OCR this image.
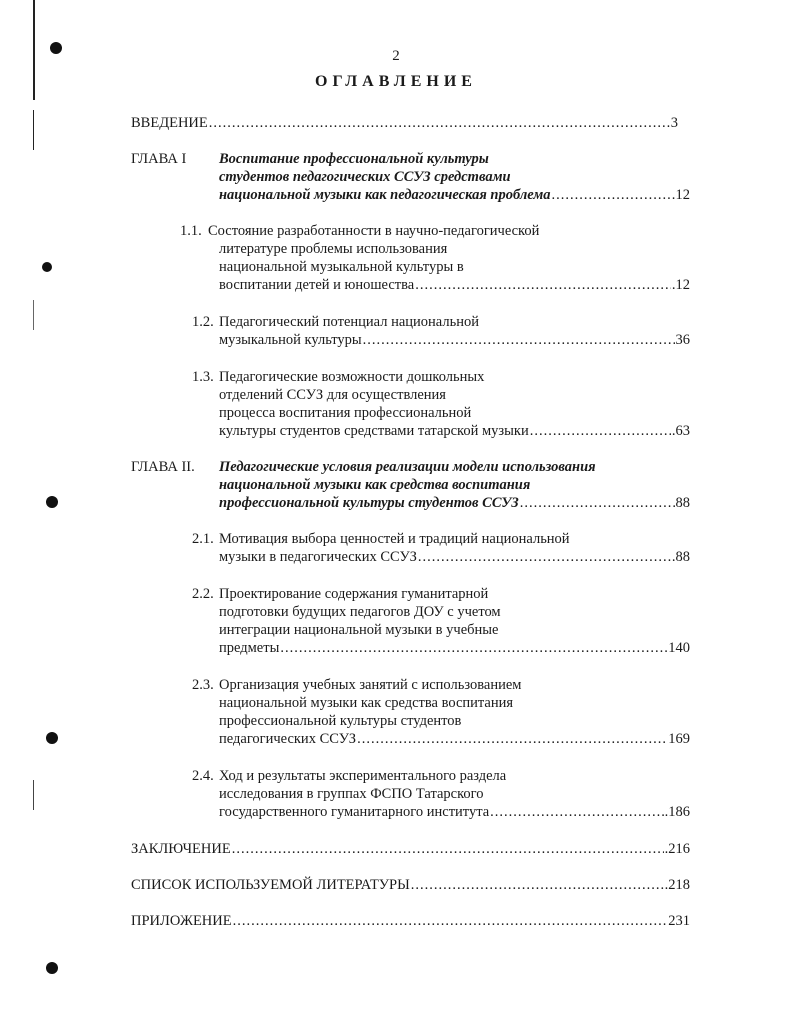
2
ОГЛАВЛЕНИЕ
ВВЕДЕНИЕ .....	3
ГЛАВА I Воспитание профессиональной культуры
студентов педагогических ССУЗ средствами
национальной музыки как педагогическая проблема .....	12
1.1. Состояние разработанности в научно-педагогической
литературе проблемы использования
национальной музыкальной культуры в
воспитании детей и юношества .....	.12
1.2. Педагогический потенциал национальной
музыкальной культуры .....	36
1.3. Педагогические возможности дошкольных
отделений ССУЗ для осуществления
процесса воспитания профессиональной
культуры студентов средствами татарской музыки .....	.63
ГЛАВА II. Педагогические условия реализации модели использования
национальной музыки как средства воспитания
профессиональной культуры студентов ССУЗ .....	88
2.1. Мотивация выбора ценностей и традиций национальной
музыки в педагогических ССУЗ .....	.88
2.2. Проектирование содержания гуманитарной
подготовки будущих педагогов ДОУ с учетом
интеграции национальной музыки в учебные
предметы .....	140
2.3. Организация учебных занятий с использованием
национальной музыки как средства воспитания
профессиональной культуры студентов
педагогических ССУЗ .....	169
2.4. Ход и результаты экспериментального раздела
исследования в группах ФСПО Татарского
государственного гуманитарного института .....	.186
ЗАКЛЮЧЕНИЕ .....	.216
СПИСОК ИСПОЛЬЗУЕМОЙ ЛИТЕРАТУРЫ .....	.218
ПРИЛОЖЕНИЕ .....	231
